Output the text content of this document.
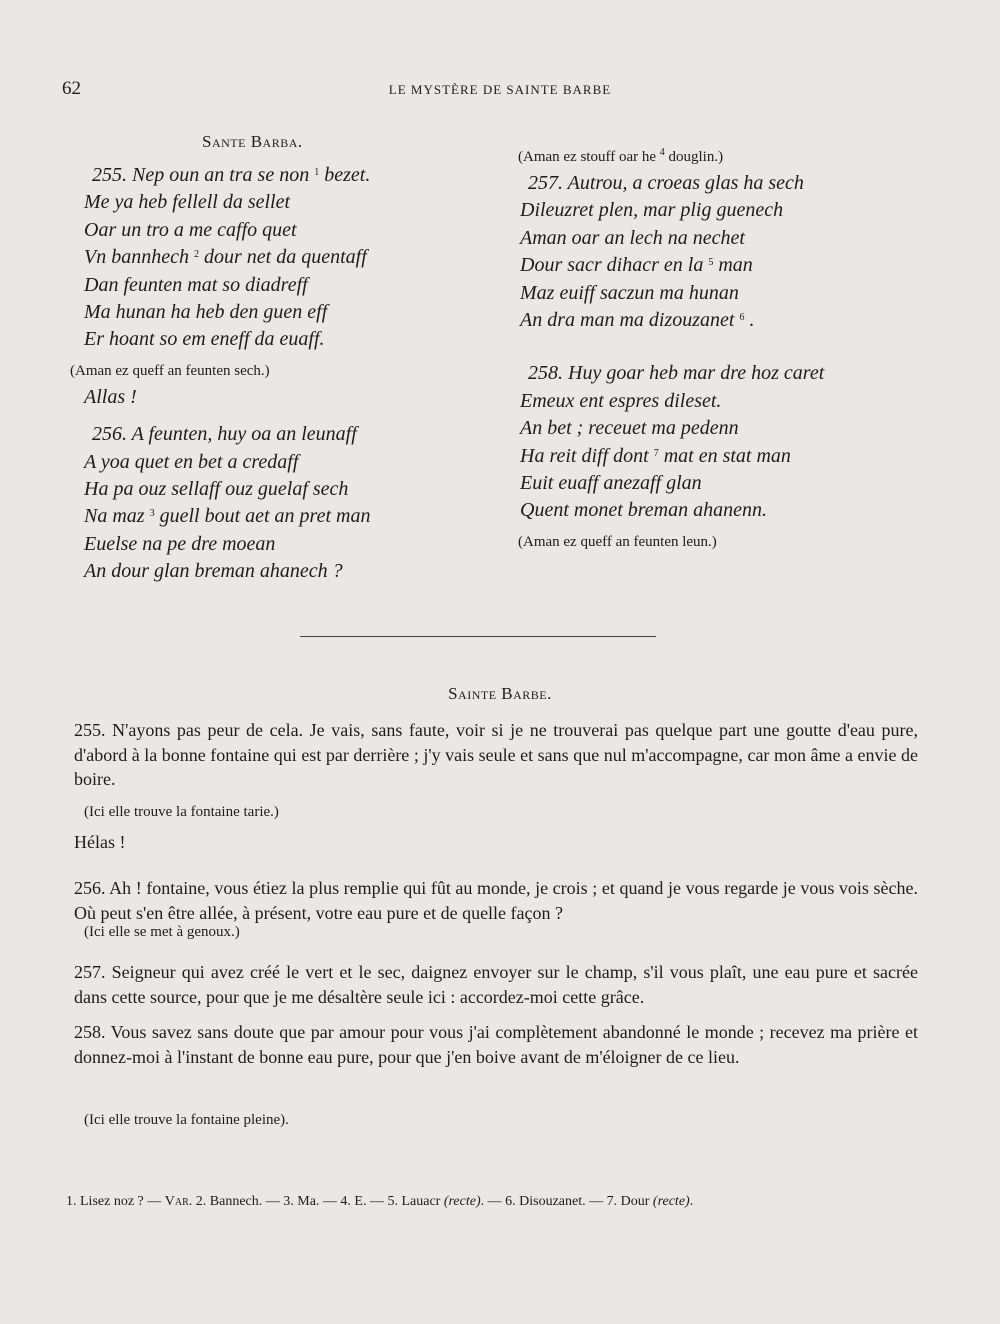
62	LE MYSTÈRE DE SAINTE BARBE
Sante Barba.
255. Nep oun an tra se non $^1$ bezet.
Me ya heb fellell da sellet
Oar un tro a me caffo quet
Vn bannhech $^2$ dour net da quentaff
Dan feunten mat so diadreff
Ma hunan ha heb den guen eff
Er hoant so em eneff da euaff.
(Aman ez queff an feunten sech.)
Allas !
256. A feunten, huy oa an leunaff
A yoa quet en bet a credaff
Ha pa ouz sellaff ouz guelaf sech
Na maz $^3$ guell bout aet an pret man
Euelse na pe dre moean
An dour glan breman ahanech ?
(Aman ez stouff oar he $^4$ douglin.)
257. Autrou, a croeas glas ha sech
Dileuzret plen, mar plig guenech
Aman oar an lech na nechet
Dour sacr dihacr en la $^5$ man
Maz euiff saczun ma hunan
An dra man ma dizouzanet $^6$ .
258. Huy goar heb mar dre hoz caret
Emeux ent espres dileset.
An bet ; receuet ma pedenn
Ha reit diff dont $^7$ mat en stat man
Euit euaff anezaff glan
Quent monet breman ahanenn.
(Aman ez queff an feunten leun.)
Sainte Barbe.
255. N'ayons pas peur de cela. Je vais, sans faute, voir si je ne trouverai pas quelque part une goutte d'eau pure, d'abord à la bonne fontaine qui est par derrière ; j'y vais seule et sans que nul m'accompagne, car mon âme a envie de boire.
(Ici elle trouve la fontaine tarie.)
Hélas !
256. Ah ! fontaine, vous étiez la plus remplie qui fût au monde, je crois ; et quand je vous regarde je vous vois sèche. Où peut s'en être allée, à présent, votre eau pure et de quelle façon ?
(Ici elle se met à genoux.)
257. Seigneur qui avez créé le vert et le sec, daignez envoyer sur le champ, s'il vous plaît, une eau pure et sacrée dans cette source, pour que je me désaltère seule ici : accordez-moi cette grâce.
258. Vous savez sans doute que par amour pour vous j'ai complètement abandonné le monde ; recevez ma prière et donnez-moi à l'instant de bonne eau pure, pour que j'en boive avant de m'éloigner de ce lieu.
(Ici elle trouve la fontaine pleine).
1. Lisez noz ? — Var. 2. Bannech. — 3. Ma. — 4. E. — 5. Lauacr (recte). — 6. Disouzanet. — 7. Dour (recte).
